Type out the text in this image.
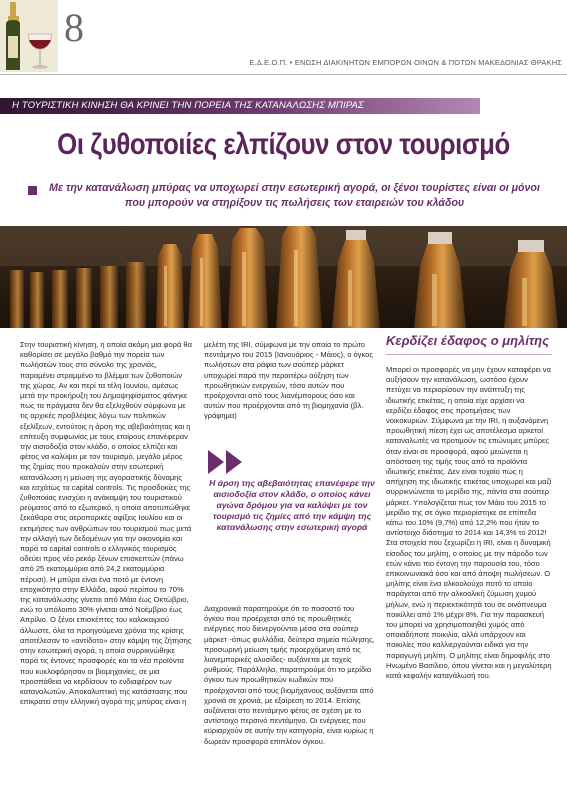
8
Ε.Δ.Ε.Ο.Π. • ΕΝΩΣΗ ΔΙΑΚΙΝΗΤΩΝ ΕΜΠΟΡΩΝ ΟΙΝΩΝ & ΠΟΤΩΝ ΜΑΚΕΔΟΝΙΑΣ ΘΡΑΚΗΣ
Η ΤΟΥΡΙΣΤΙΚΗ ΚΙΝΗΣΗ ΘΑ ΚΡΙΝΕΙ ΤΗΝ ΠΟΡΕΙΑ ΤΗΣ ΚΑΤΑΝΑΛΩΣΗΣ ΜΠΙΡΑΣ
Οι ζυθοποιίες ελπίζουν στον τουρισμό
Με την κατανάλωση μπύρας να υποχωρεί στην εσωτερική αγορά, οι ξένοι τουρίστες είναι οι μόνοι που μπορούν να στηρίξουν τις πωλήσεις των εταιρειών του κλάδου

Στην τουριστική κίνηση, η οποία ακόμη μια φορά θα καθορίσει σε μεγάλο βαθμό την πορεία των πωλήσεών τους στο σύνολο της χρονιάς, παραμένει στραμμένο το βλέμμα των ζυθοποιών της χώρας. Αν και περί τα τέλη Ιουνίου, αμέσως μετά την προκήρυξη του Δημοψηφίσματος φάνηκε πως τα πράγματα δεν θα εξελιχθούν σύμφωνα με τις αρχικές προβλέψεις λόγω των πολιτικών εξελίξεων, εντούτοις η άρση της αβεβαιότητας και η επίτευξη συμφωνίας με τους εταίρους επανέφεραν την αισιοδοξία στον κλάδο, ο οποίος ελπίζει και φέτος να καλύψει με τον τουρισμό, μεγάλο μέρος της ζημίας που προκαλούν στην εσωτερική κατανάλωση η μείωση της αγοραστικής δύναμης και εσχάτως τα capital controls. Τις προσδοκίες της ζυθοποιίας ενισχύει η ανάκαμψη του τουριστικού ρεύματος από το εξωτερικό, η οποία αποτυπώθηκε ξεκάθαρα στις αεροπορικές αφίξεις Ιουλίου και οι εκτιμήσεις των ανθρώπων του τουρισμού πως μετά την αλλαγή των δεδομένων για την οικονομία και παρά τα capital controls ο ελληνικός τουρισμός οδεύει προς νέο ρεκόρ ξένων επισκεπτών (πάνω από 25 εκατομμύρια από 24,2 εκατομμύρια πέρυσι). Η μπύρα είναι ένα ποτό με έντονη εποχικότητα στην Ελλάδα, αφού περίπου το 70% της κατανάλωσης γίνεται από Μάιο έως Οκτώβριο, ενώ το υπόλοιπο 30% γίνεται από Νοέμβριο έως Απρίλιο. Ο ξένοι επισκέπτες του καλοκαιριού άλλωστε, όλα τα προηγούμενα χρόνια της κρίσης αποτέλεσαν το «αντίδοτο» στην κάμψη της ζήτησης στην εσωτερική αγορά, η οποία συρρικνώθηκε παρά τις έντονες προσφορές και τα νέα προϊόντα που κυκλοφόρησαν οι βιομηχανίες, σε μια προσπάθεια να κερδίσουν το ενδιαφέρον των καταναλωτών. Αποκαλυπτική της κατάστασης που επικρατεί στην ελληνική αγορά της μπύρας είναι η

μελέτη της IRI, σύμφωνα με την οποία το πρώτο πεντάμηνο του 2015 (Ιανουάριος - Μάιος), ο όγκος πωλήσεων στα ράφια των σούπερ μάρκετ υποχωρεί παρά την περαιτέρω αύξηση των προωθητικών ενεργειών, τόσο αυτών που προέρχονται από τους λιανέμπορους όσο και αυτών που προέρχονται από τη βιομηχανία (βλ. γράφημα)

Διαχρονικά παρατηρούμε ότι το ποσοστό του όγκου που προέρχεται από τις προωθητικές ενέργειες που διενεργούνται μέσα στα σούπερ μάρκετ -όπως φυλλάδια, δεύτερα σημεία πώλησης, προσωρινή μείωση τιμής προερχόμενη από τις λιανεμπορικές αλυσίδες- αυξάνεται με ταχείς ρυθμούς. Παράλληλα, παρατηρούμε ότι το μερίδιο όγκου των προωθητικών κωδικών που προέρχονται από τους βιομήχανους αυξάνεται από χρονιά σε χρονιά, με εξαίρεση το 2014. Επίσης αυξάνεται στο πεντάμηνο φέτος σε σχέση με το αντίστοιχο περσινό πεντάμηνο. Οι ενέργειες που κυριαρχούν σε αυτήν την κατηγορία, είναι κυρίως η δωρεάν προσφορά επιπλέον όγκου.

Η άρση της αβεβαιότητας επανέφερε την αισιοδοξία στον κλάδο, ο οποίος κάνει αγώνα δρόμου για να καλύψει με τον τουρισμό τις ζημίες από την κάμψη της κατανάλωσης στην εσωτερική αγορά
Κερδίζει έδαφος ο μηλίτης

Μπορεί οι προσφορές να μην έχουν καταφέρει να αυξήσουν την κατανάλωση, ωστόσο έχουν πετύχει να περιορίσουν την ανάπτυξη της ιδιωτικής ετικέτας, η οποία είχε αρχίσει να κερδίζει έδαφος στις προτιμήσεις των νοικοκυριών. Σύμφωνα με την IRI, η αυξανόμενη προωθητική πίεση έχει ως αποτέλεσμα αρκετοί καταναλωτές να προτιμούν τις επώνυμες μπύρες όταν είναι σε προσφορά, αφού μειώνεται η απόσταση της τιμής τους από τα προϊόντα ιδιωτικής ετικέτας. Δεν είναι τυχαίο πως η απήχηση της ιδιωτικής ετικέτας υποχωρεί και μαζί συρρικνώνεται το μερίδιο της, πάντα στα σούπερ μάρκετ. Υπολογίζεται πως τον Μάιο του 2015 το μερίδιο της σε όγκο περιορίστηκε σε επίπεδα κάτω του 10% (9,7%) από 12,2% που ήταν το αντίστοιχο διάστημα το 2014 και 14,3% το 2012! Στα στοιχεία που ξεχωρίζει η IRI, είναι η δυναμική είσοδος του μηλίτη, ο οποίος με την πάροδο των ετών κάνει πιο έντονη την παρουσία του, τόσο επικοινωνιακά όσο και από άποψη πωλήσεων. Ο μηλίτης είναι ένα αλκοολούχο ποτό το οποίο παράγεται από την αλκοολική ζύμωση χυμού μήλων, ενώ η περιεκτικότητά του σε οινόπνευμα ποικίλλει από 1% μέχρι 8%. Για την παρασκευή του μπορεί να χρησιμοποιηθεί χυμός από οποιαδήποτε ποικιλία, αλλά υπάρχουν και ποικιλίες που καλλιεργούνται ειδικά για την παραγωγή μηλίτη. Ο μηλίτης είναι δημοφιλής στο Ηνωμένο Βασίλειο, όπου γίνεται και η μεγαλύτερη κατά κεφαλήν κατανάλωσή του.
